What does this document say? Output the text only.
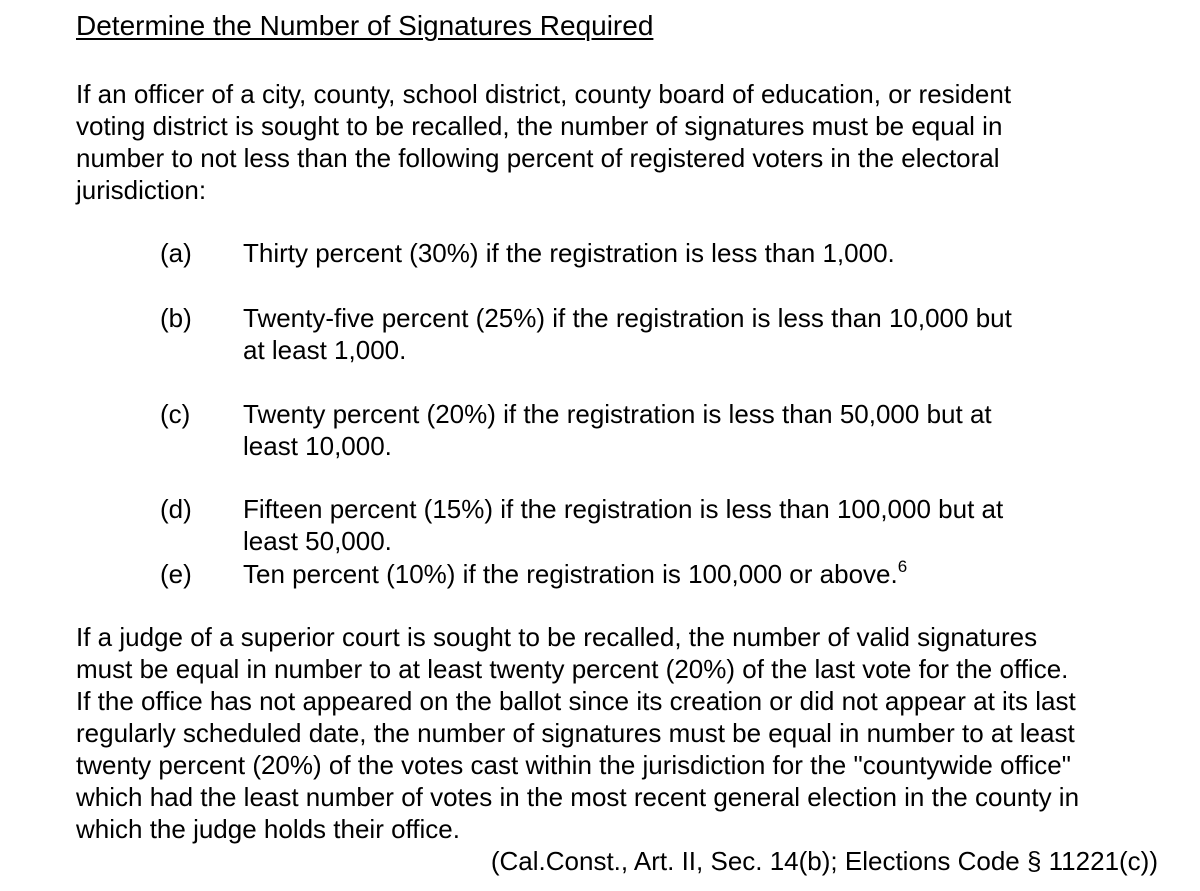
Determine the Number of Signatures Required
If an officer of a city, county, school district, county board of education, or resident
voting district is sought to be recalled, the number of signatures must be equal in
number to not less than the following percent of registered voters in the electoral
jurisdiction:
(a) Thirty percent (30%) if the registration is less than 1,000.
(b) Twenty-five percent (25%) if the registration is less than 10,000 but
at least 1,000.
(c) Twenty percent (20%) if the registration is less than 50,000 but at
least 10,000.
(d) Fifteen percent (15%) if the registration is less than 100,000 but at
least 50,000.
(e) Ten percent (10%) if the registration is 100,000 or above.$^6$
If a judge of a superior court is sought to be recalled, the number of valid signatures
must be equal in number to at least twenty percent (20%) of the last vote for the office.
If the office has not appeared on the ballot since its creation or did not appear at its last
regularly scheduled date, the number of signatures must be equal in number to at least
twenty percent (20%) of the votes cast within the jurisdiction for the "countywide office"
which had the least number of votes in the most recent general election in the county in
which the judge holds their office.
(Cal.Const., Art. II, Sec. 14(b); Elections Code § 11221(c))
